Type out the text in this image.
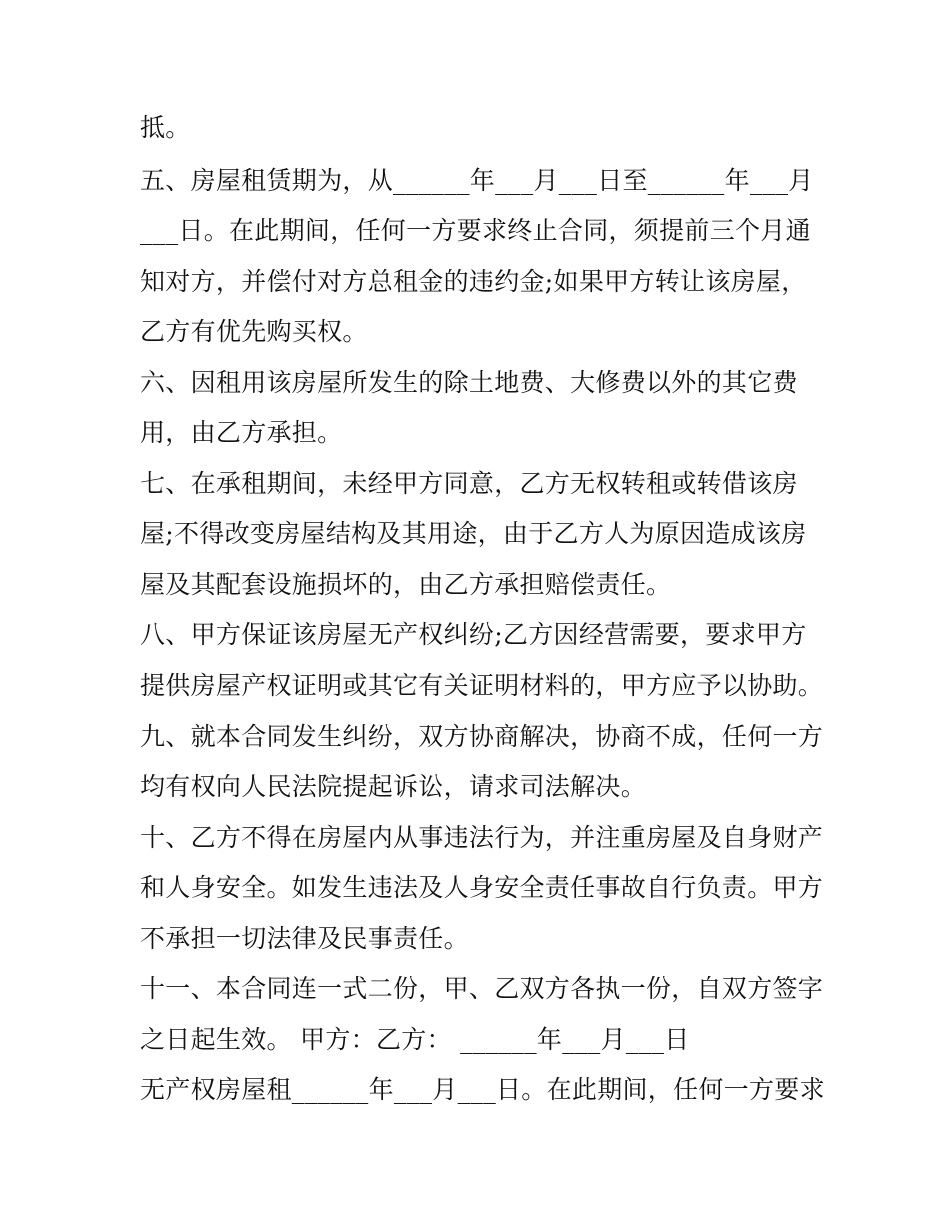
抵。
五、房屋租赁期为，从______年___月___日至______年___月
___日。在此期间，任何一方要求终止合同，须提前三个月通
知对方，并偿付对方总租金的违约金;如果甲方转让该房屋，
乙方有优先购买权。
六、因租用该房屋所发生的除土地费、大修费以外的其它费
用，由乙方承担。
七、在承租期间，未经甲方同意，乙方无权转租或转借该房
屋;不得改变房屋结构及其用途，由于乙方人为原因造成该房
屋及其配套设施损坏的，由乙方承担赔偿责任。
八、甲方保证该房屋无产权纠纷;乙方因经营需要，要求甲方
提供房屋产权证明或其它有关证明材料的，甲方应予以协助。
九、就本合同发生纠纷，双方协商解决，协商不成，任何一方
均有权向人民法院提起诉讼，请求司法解决。
十、乙方不得在房屋内从事违法行为，并注重房屋及自身财产
和人身安全。如发生违法及人身安全责任事故自行负责。甲方
不承担一切法律及民事责任。
十一、本合同连一式二份，甲、乙双方各执一份，自双方签字
之日起生效。 甲方：乙方： ______年___月___日
无产权房屋租______年___月___日。在此期间，任何一方要求
